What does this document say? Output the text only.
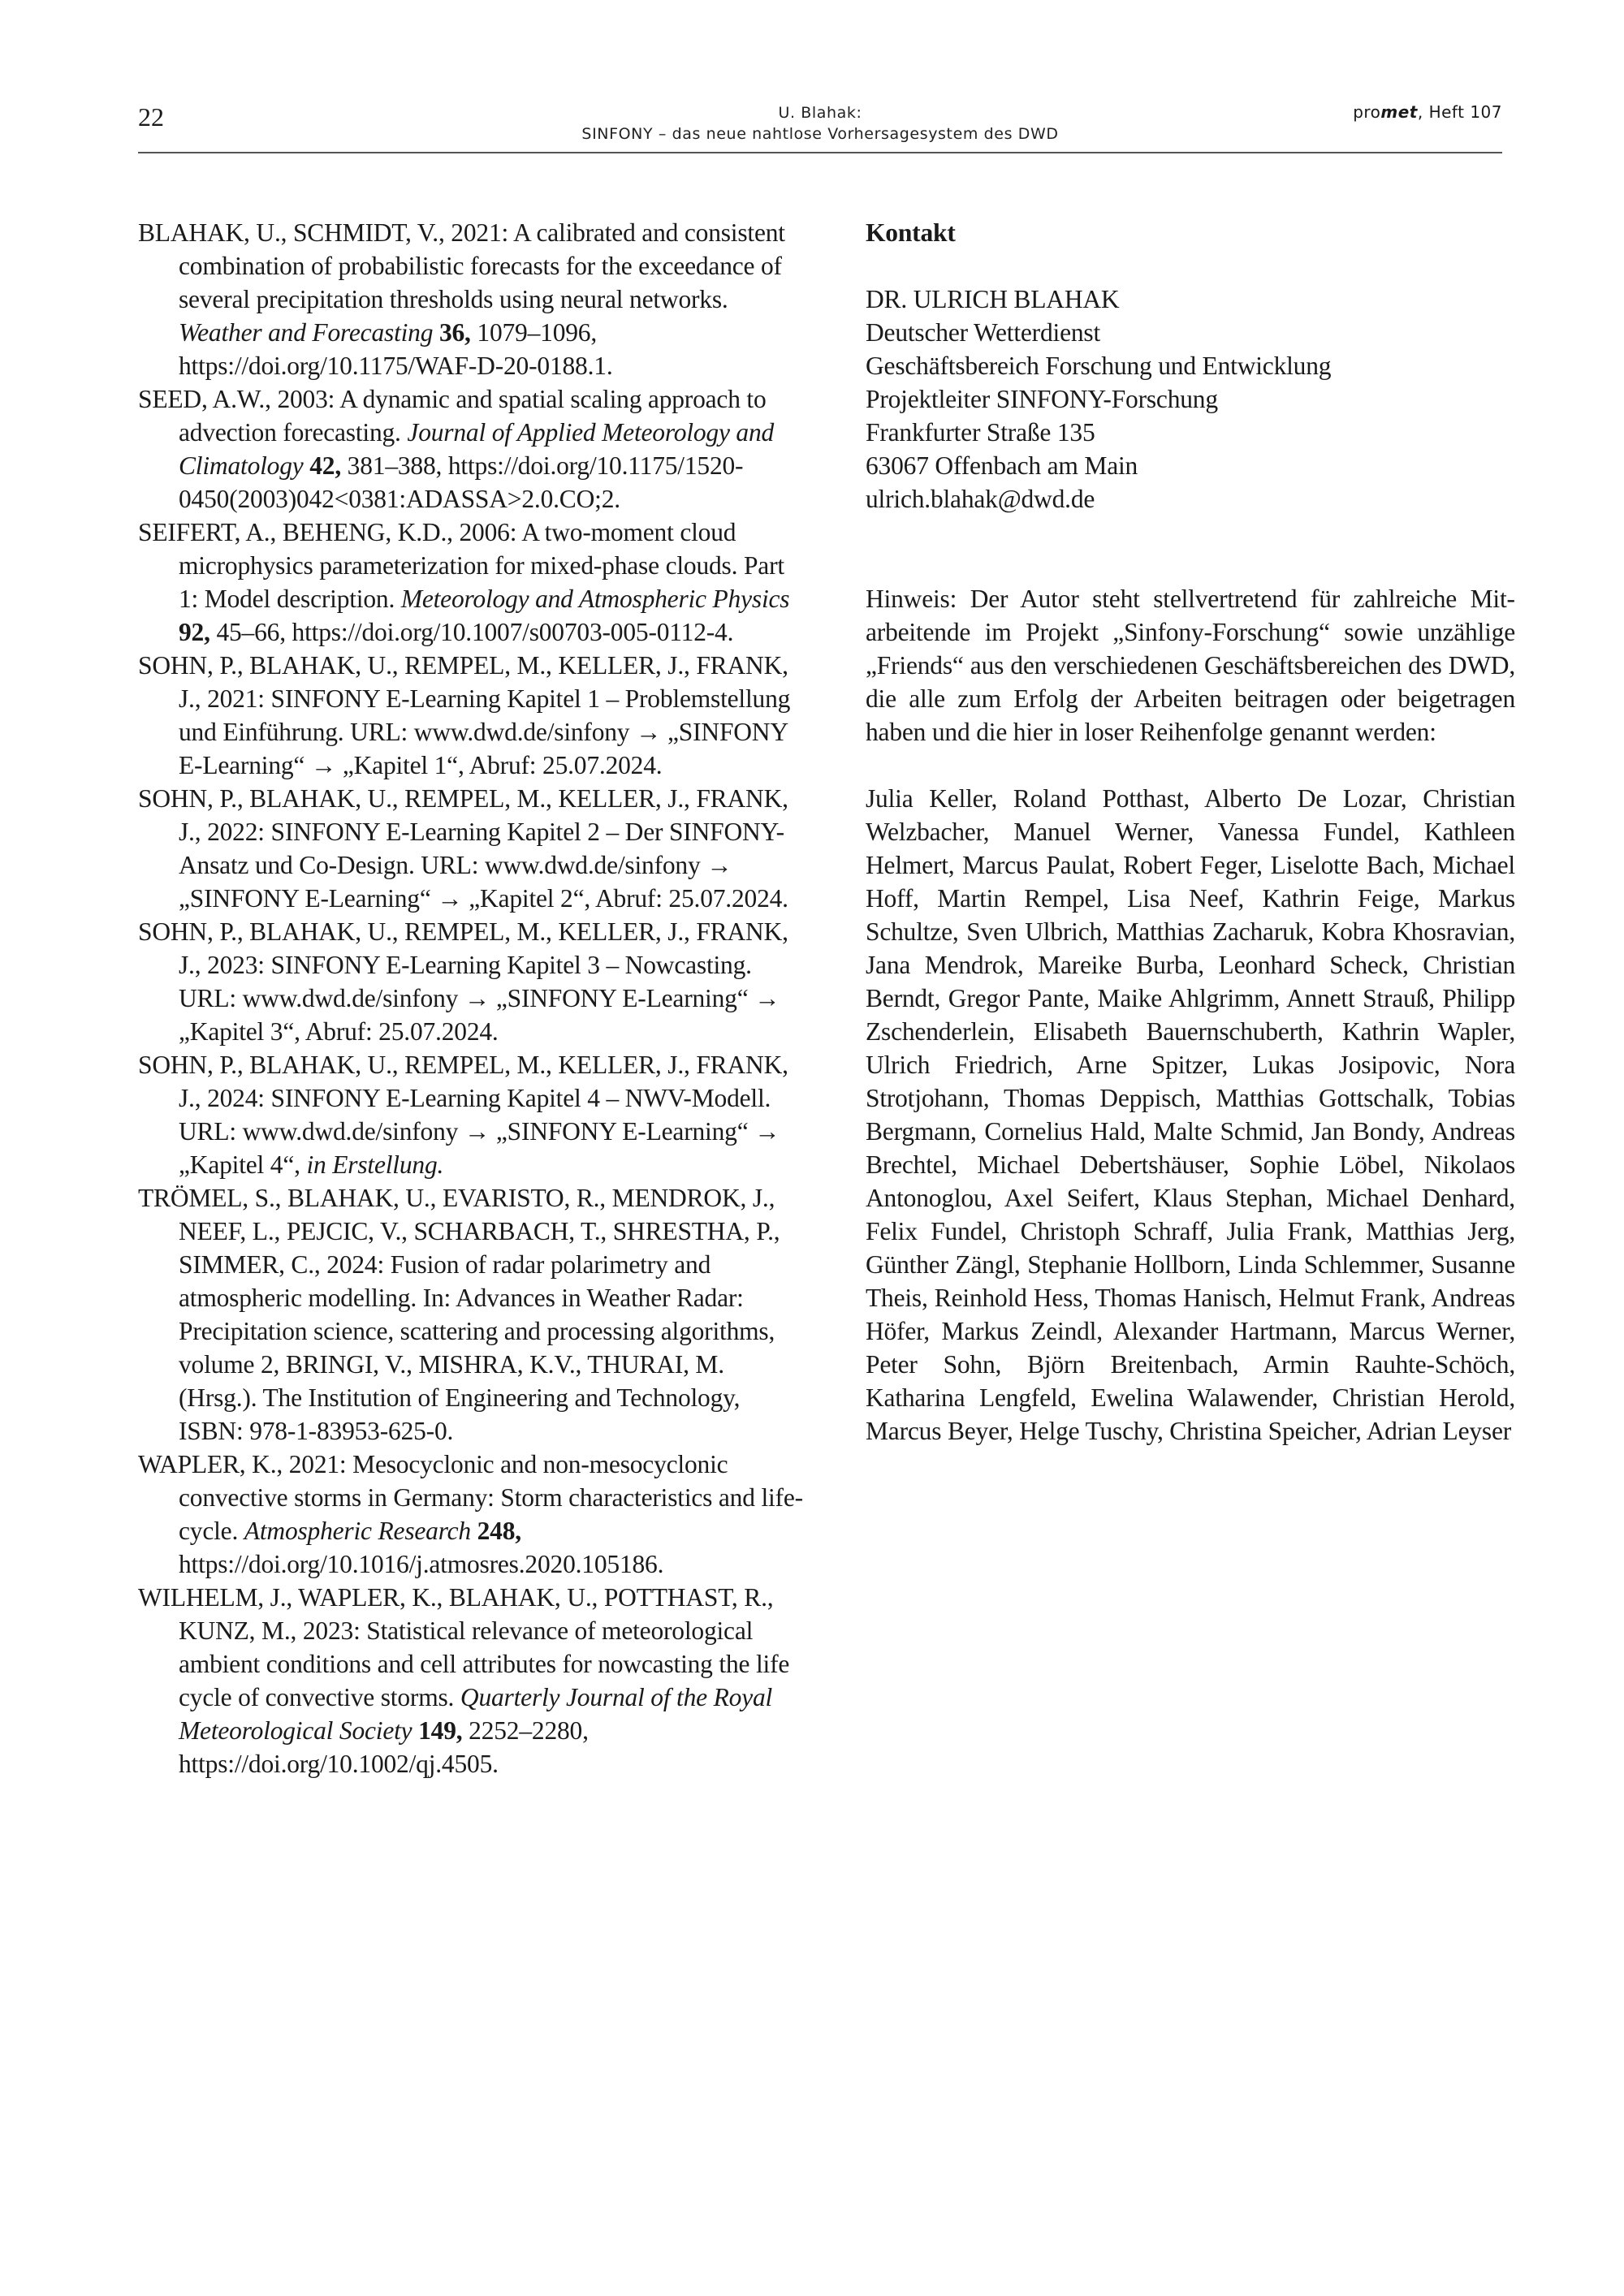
22	U. Blahak:
SINFONY – das neue nahtlose Vorhersagesystem des DWD
promet, Heft 107

BLAHAK, U., SCHMIDT, V., 2021: A calibrated and consistent combination of probabilistic forecasts for the exceedance of several precipitation thresholds using neural networks. Weather and Forecasting 36, 1079–1096, https://doi.org/10.1175/WAF-D-20-0188.1.

SEED, A.W., 2003: A dynamic and spatial scaling approach to advection forecasting. Journal of Applied Meteorology and Climatology 42, 381–388, https://doi.org/10.1175/1520-0450(2003)042<0381:ADASSA>2.0.CO;2.

SEIFERT, A., BEHENG, K.D., 2006: A two-moment cloud microphysics parameterization for mixed-phase clouds. Part 1: Model description. Meteorology and Atmospheric Physics 92, 45–66, https://doi.org/10.1007/s00703-005-0112-4.

SOHN, P., BLAHAK, U., REMPEL, M., KELLER, J., FRANK, J., 2021: SINFONY E-Learning Kapitel 1 – Problemstellung und Einführung. URL: www.dwd.de/sinfony → „SINFONY E-Learning“ → „Kapitel 1“, Abruf: 25.07.2024.

SOHN, P., BLAHAK, U., REMPEL, M., KELLER, J., FRANK, J., 2022: SINFONY E-Learning Kapitel 2 – Der SINFONY-Ansatz und Co-Design. URL: www.dwd.de/sinfony → „SINFONY E-Learning“ → „Kapitel 2“, Abruf: 25.07.2024.

SOHN, P., BLAHAK, U., REMPEL, M., KELLER, J., FRANK, J., 2023: SINFONY E-Learning Kapitel 3 – Nowcasting. URL: www.dwd.de/sinfony → „SINFONY E-Learning“ → „Kapitel 3“, Abruf: 25.07.2024.

SOHN, P., BLAHAK, U., REMPEL, M., KELLER, J., FRANK, J., 2024: SINFONY E-Learning Kapitel 4 – NWV-Modell. URL: www.dwd.de/sinfony → „SINFONY E-Learning“ → „Kapitel 4“, in Erstellung.

TRÖMEL, S., BLAHAK, U., EVARISTO, R., MENDROK, J., NEEF, L., PEJCIC, V., SCHARBACH, T., SHRESTHA, P., SIMMER, C., 2024: Fusion of radar polarimetry and atmospheric modelling. In: Advances in Weather Radar: Precipitation science, scattering and processing algorithms, volume 2, BRINGI, V., MISHRA, K.V., THURAI, M. (Hrsg.). The Institution of Engineering and Technology, ISBN: 978-1-83953-625-0.

WAPLER, K., 2021: Mesocyclonic and non-mesocyclonic convective storms in Germany: Storm characteristics and life-cycle. Atmospheric Research 248, https://doi.org/10.1016/j.atmosres.2020.105186.

WILHELM, J., WAPLER, K., BLAHAK, U., POTTHAST, R., KUNZ, M., 2023: Statistical relevance of meteorological ambient conditions and cell attributes for nowcasting the life cycle of convective storms. Quarterly Journal of the Royal Meteorological Society 149, 2252–2280, https://doi.org/10.1002/qj.4505.

Kontakt

DR. ULRICH BLAHAK
Deutscher Wetterdienst
Geschäftsbereich Forschung und Entwicklung
Projektleiter SINFONY-Forschung
Frankfurter Straße 135
63067 Offenbach am Main
ulrich.blahak@dwd.de

Hinweis: Der Autor steht stellvertretend für zahlreiche Mitarbeitende im Projekt „Sinfony-Forschung“ sowie unzählige „Friends“ aus den verschiedenen Geschäftsbereichen des DWD, die alle zum Erfolg der Arbeiten beitragen oder beigetragen haben und die hier in loser Reihenfolge genannt werden:

Julia Keller, Roland Potthast, Alberto De Lozar, Christian Welzbacher, Manuel Werner, Vanessa Fundel, Kathleen Helmert, Marcus Paulat, Robert Feger, Liselotte Bach, Michael Hoff, Martin Rempel, Lisa Neef, Kathrin Feige, Markus Schultze, Sven Ulbrich, Matthias Zacharuk, Kobra Khosravian, Jana Mendrok, Mareike Burba, Leonhard Scheck, Christian Berndt, Gregor Pante, Maike Ahlgrimm, Annett Strauß, Philipp Zschenderlein, Elisabeth Bauernschuberth, Kathrin Wapler, Ulrich Friedrich, Arne Spitzer, Lukas Josipovic, Nora Strotjohann, Thomas Deppisch, Matthias Gottschalk, Tobias Bergmann, Cornelius Hald, Malte Schmid, Jan Bondy, Andreas Brechtel, Michael Debertshäuser, Sophie Löbel, Nikolaos Antonoglou, Axel Seifert, Klaus Stephan, Michael Denhard, Felix Fundel, Christoph Schraff, Julia Frank, Matthias Jerg, Günther Zängl, Stephanie Hollborn, Linda Schlemmer, Susanne Theis, Reinhold Hess, Thomas Hanisch, Helmut Frank, Andreas Höfer, Markus Zeindl, Alexander Hartmann, Marcus Werner, Peter Sohn, Björn Breitenbach, Armin Rauhte-Schöch, Katharina Lengfeld, Ewelina Walawender, Christian Herold, Marcus Beyer, Helge Tuschy, Christina Speicher, Adrian Leyser
